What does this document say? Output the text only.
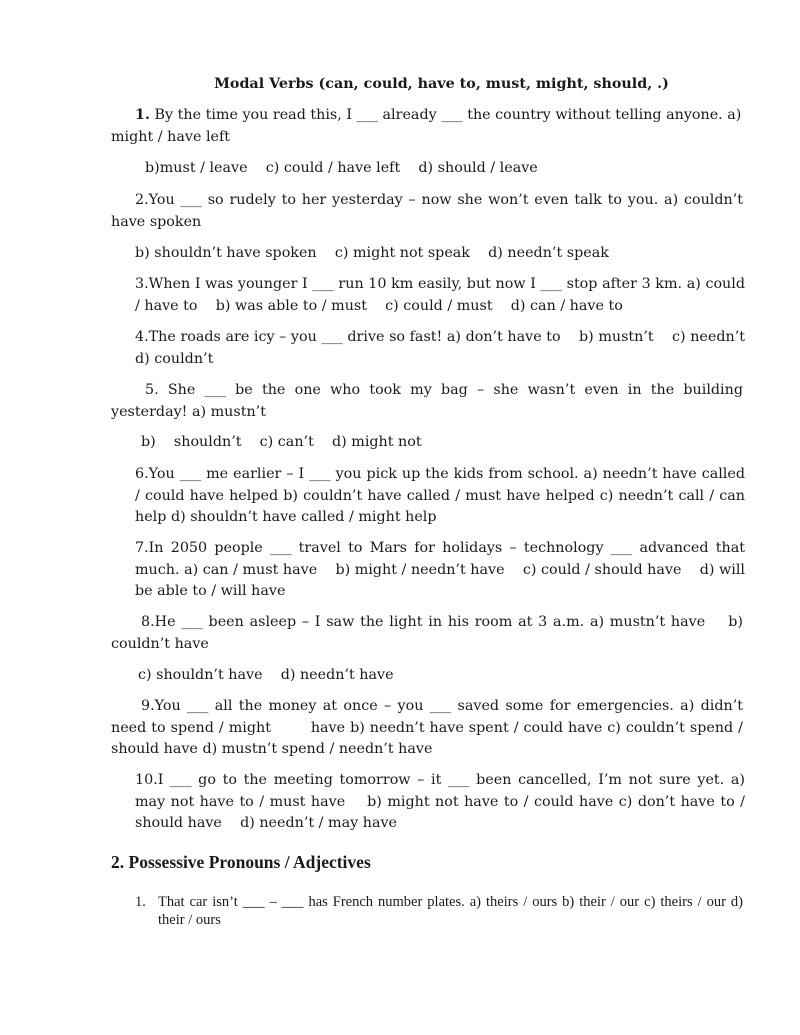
Modal Verbs (can, could, have to, must, might, should, .)
1. By the time you read this, I ___ already ___ the country without telling anyone. a) might / have left
b)must / leave    c) could / have left    d) should / leave
2.You ___ so rudely to her yesterday – now she won’t even talk to you. a) couldn’t have spoken
b) shouldn’t have spoken    c) might not speak    d) needn’t speak
3.When I was younger I ___ run 10 km easily, but now I ___ stop after 3 km. a) could / have to    b) was able to / must    c) could / must    d) can / have to
4.The roads are icy – you ___ drive so fast! a) don’t have to    b) mustn’t    c) needn’t    d) couldn’t
5. She ___ be the one who took my bag – she wasn’t even in the building yesterday! a) mustn’t
b)    shouldn’t    c) can’t    d) might not
6.You ___ me earlier – I ___ you pick up the kids from school. a) needn’t have called / could have helped b) couldn’t have called / must have helped c) needn’t call / can help d) shouldn’t have called / might help
7.In 2050 people ___ travel to Mars for holidays – technology ___ advanced that much. a) can / must have    b) might / needn’t have    c) could / should have    d) will be able to / will have
8.He ___ been asleep – I saw the light in his room at 3 a.m. a) mustn’t have    b) couldn’t have
c) shouldn’t have    d) needn’t have
9.You ___ all the money at once – you ___ saved some for emergencies. a) didn’t need to spend / might        have b) needn’t have spent / could have c) couldn’t spend / should have d) mustn’t spend / needn’t have
10.I ___ go to the meeting tomorrow – it ___ been cancelled, I’m not sure yet. a) may not have to / must have    b) might not have to / could have c) don’t have to / should have    d) needn’t / may have
2. Possessive Pronouns / Adjectives
1. That car isn’t ___ – ___ has French number plates. a) theirs / ours b) their / our c) theirs / our d) their / ours
